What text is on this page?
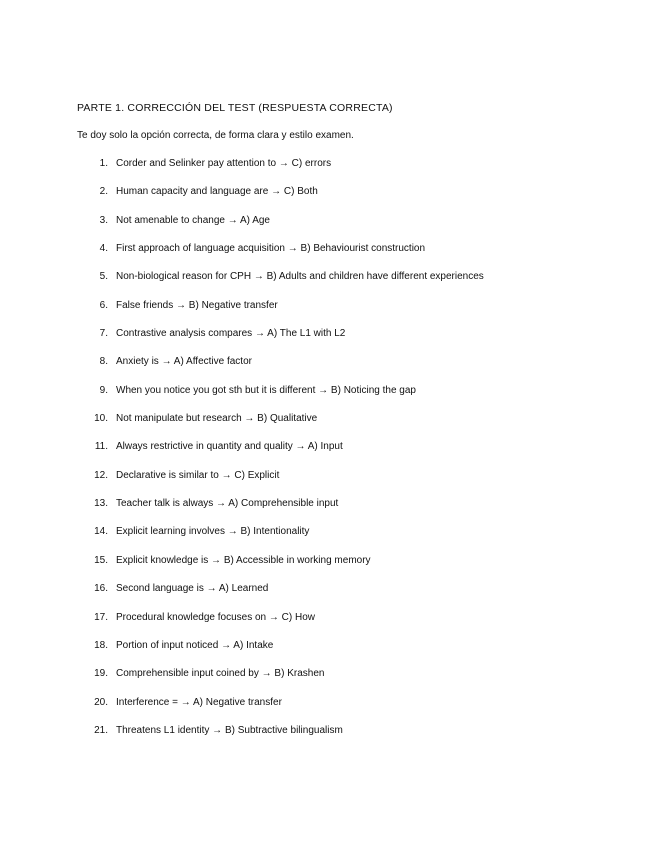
PARTE 1. CORRECCIÓN DEL TEST (RESPUESTA CORRECTA)
Te doy solo la opción correcta, de forma clara y estilo examen.
1. Corder and Selinker pay attention to → C) errors
2. Human capacity and language are → C) Both
3. Not amenable to change → A) Age
4. First approach of language acquisition → B) Behaviourist construction
5. Non-biological reason for CPH → B) Adults and children have different experiences
6. False friends → B) Negative transfer
7. Contrastive analysis compares → A) The L1 with L2
8. Anxiety is → A) Affective factor
9. When you notice you got sth but it is different → B) Noticing the gap
10. Not manipulate but research → B) Qualitative
11. Always restrictive in quantity and quality → A) Input
12. Declarative is similar to → C) Explicit
13. Teacher talk is always → A) Comprehensible input
14. Explicit learning involves → B) Intentionality
15. Explicit knowledge is → B) Accessible in working memory
16. Second language is → A) Learned
17. Procedural knowledge focuses on → C) How
18. Portion of input noticed → A) Intake
19. Comprehensible input coined by → B) Krashen
20. Interference = → A) Negative transfer
21. Threatens L1 identity → B) Subtractive bilingualism
